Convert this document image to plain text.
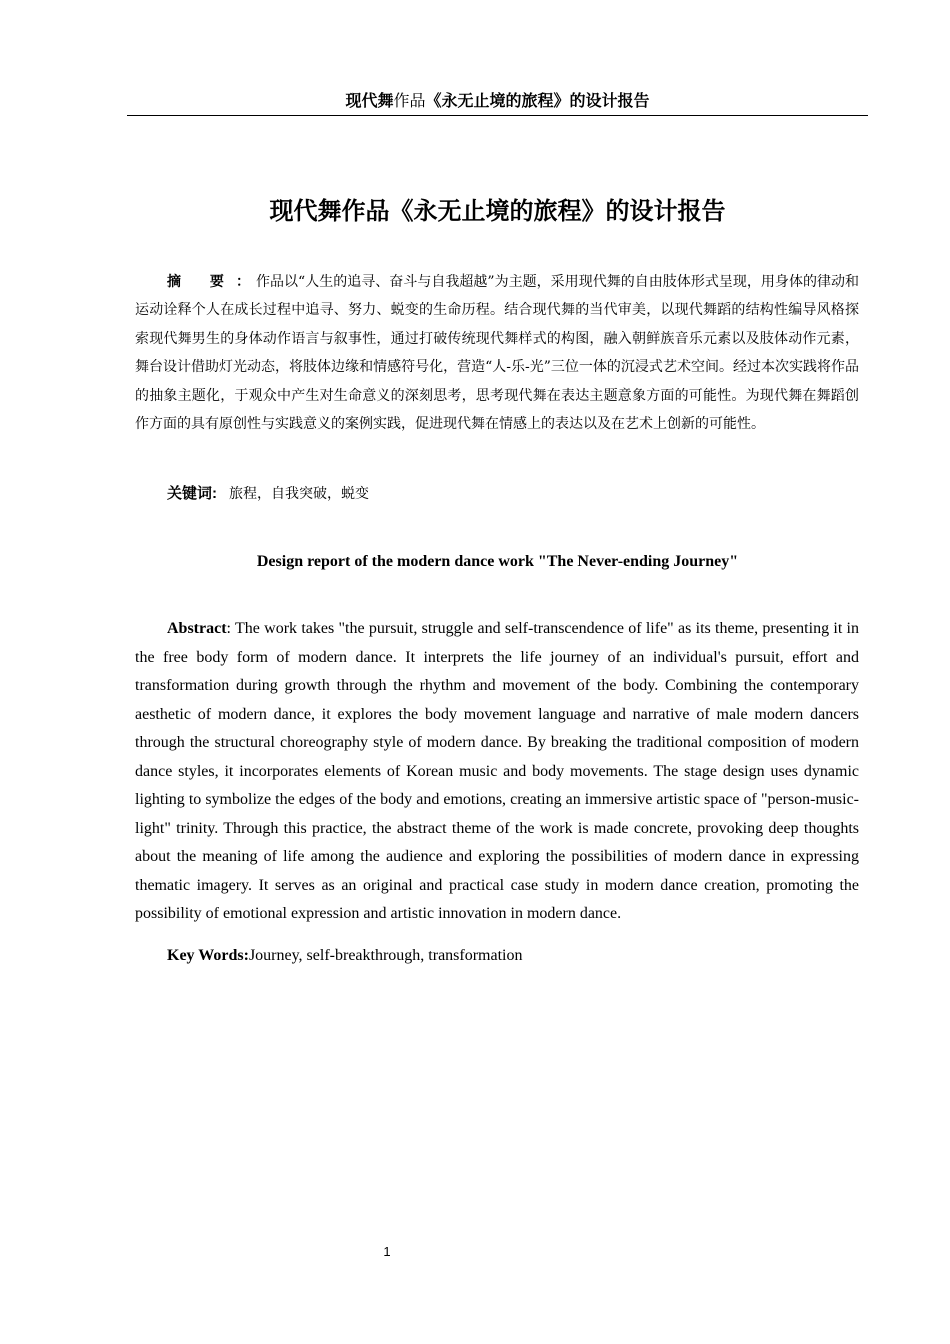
现代舞作品《永无止境的旅程》的设计报告
现代舞作品《永无止境的旅程》的设计报告
摘 要： 作品以“人生的追寻、奋斗与自我超越”为主题，采用现代舞的自由肢体形式呈现，用身体的律动和运动诠释个人在成长过程中追寻、努力、蜕变的生命历程。结合现代舞的当代审美，以现代舞蹈的结构性编导风格探索现代舞男生的身体动作语言与叙事性，通过打破传统现代舞样式的构图，融入朝鲜族音乐元素以及肢体动作元素，舞台设计借助灯光动态，将肢体边缘和情感符号化，营造“人-乐-光”三位一体的沉浸式艺术空间。经过本次实践将作品的抽象主题化，于观众中产生对生命意义的深刻思考，思考现代舞在表达主题意象方面的可能性。为现代舞在舞蹈创作方面的具有原创性与实践意义的案例实践，促进现代舞在情感上的表达以及在艺术上创新的可能性。
关键词: 旅程，自我突破，蜕变
Design report of the modern dance work "The Never-ending Journey"
Abstract: The work takes "the pursuit, struggle and self-transcendence of life" as its theme, presenting it in the free body form of modern dance. It interprets the life journey of an individual's pursuit, effort and transformation during growth through the rhythm and movement of the body. Combining the contemporary aesthetic of modern dance, it explores the body movement language and narrative of male modern dancers through the structural choreography style of modern dance. By breaking the traditional composition of modern dance styles, it incorporates elements of Korean music and body movements. The stage design uses dynamic lighting to symbolize the edges of the body and emotions, creating an immersive artistic space of "person-music-light" trinity. Through this practice, the abstract theme of the work is made concrete, provoking deep thoughts about the meaning of life among the audience and exploring the possibilities of modern dance in expressing thematic imagery. It serves as an original and practical case study in modern dance creation, promoting the possibility of emotional expression and artistic innovation in modern dance.
Key Words:Journey, self-breakthrough, transformation
1
